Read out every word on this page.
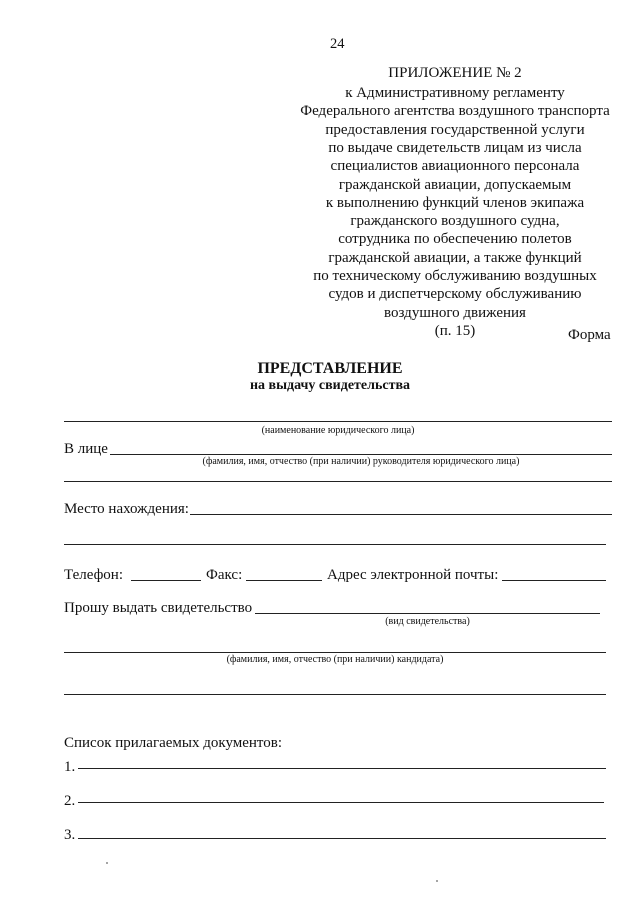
24
ПРИЛОЖЕНИЕ № 2
к Административному регламенту
Федерального агентства воздушного транспорта
предоставления государственной услуги
по выдаче свидетельств лицам из числа
специалистов авиационного персонала
гражданской авиации, допускаемым
к выполнению функций членов экипажа
гражданского воздушного судна,
сотрудника по обеспечению полетов
гражданской авиации, а также функций
по техническому обслуживанию воздушных
судов и диспетчерскому обслуживанию
воздушного движения
(п. 15)	Форма
ПРЕДСТАВЛЕНИЕ
на выдачу свидетельства
(наименование юридического лица)
В лице
(фамилия, имя, отчество (при наличии) руководителя юридического лица)
Место нахождения:
Телефон:	Факс:	Адрес электронной почты:
Прошу выдать свидетельство
(вид свидетельства)
(фамилия, имя, отчество (при наличии) кандидата)
Список прилагаемых документов:
1.
2.
3.
